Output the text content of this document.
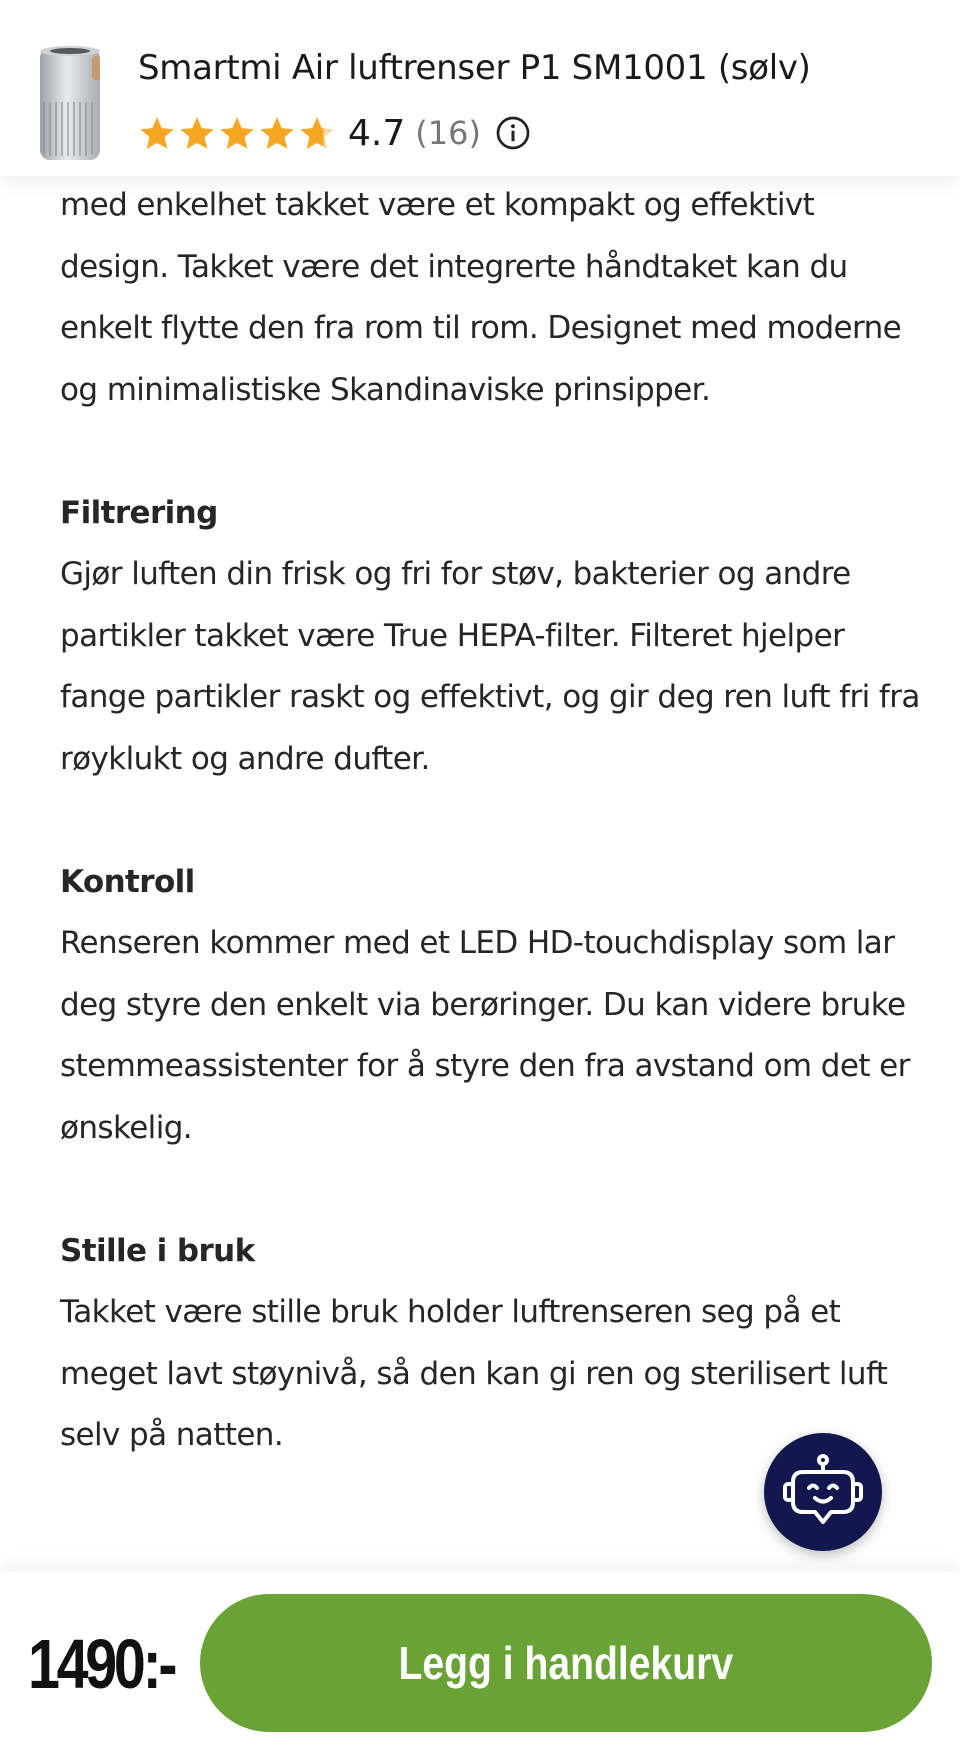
Smartmi Air luftrenser P1 SM1001 (sølv)
4.7 (16)

med enkelhet takket være et kompakt og effektivt design. Takket være det integrerte håndtaket kan du enkelt flytte den fra rom til rom. Designet med moderne og minimalistiske Skandinaviske prinsipper.

Filtrering

Gjør luften din frisk og fri for støv, bakterier og andre partikler takket være True HEPA-filter. Filteret hjelper fange partikler raskt og effektivt, og gir deg ren luft fri fra røyklukt og andre dufter.

Kontroll

Renseren kommer med et LED HD-touchdisplay som lar deg styre den enkelt via berøringer. Du kan videre bruke stemmeassistenter for å styre den fra avstand om det er ønskelig.

Stille i bruk

Takket være stille bruk holder luftrenseren seg på et meget lavt støynivå, så den kan gi ren og sterilisert luft selv på natten.

1490:-	Legg i handlekurv
